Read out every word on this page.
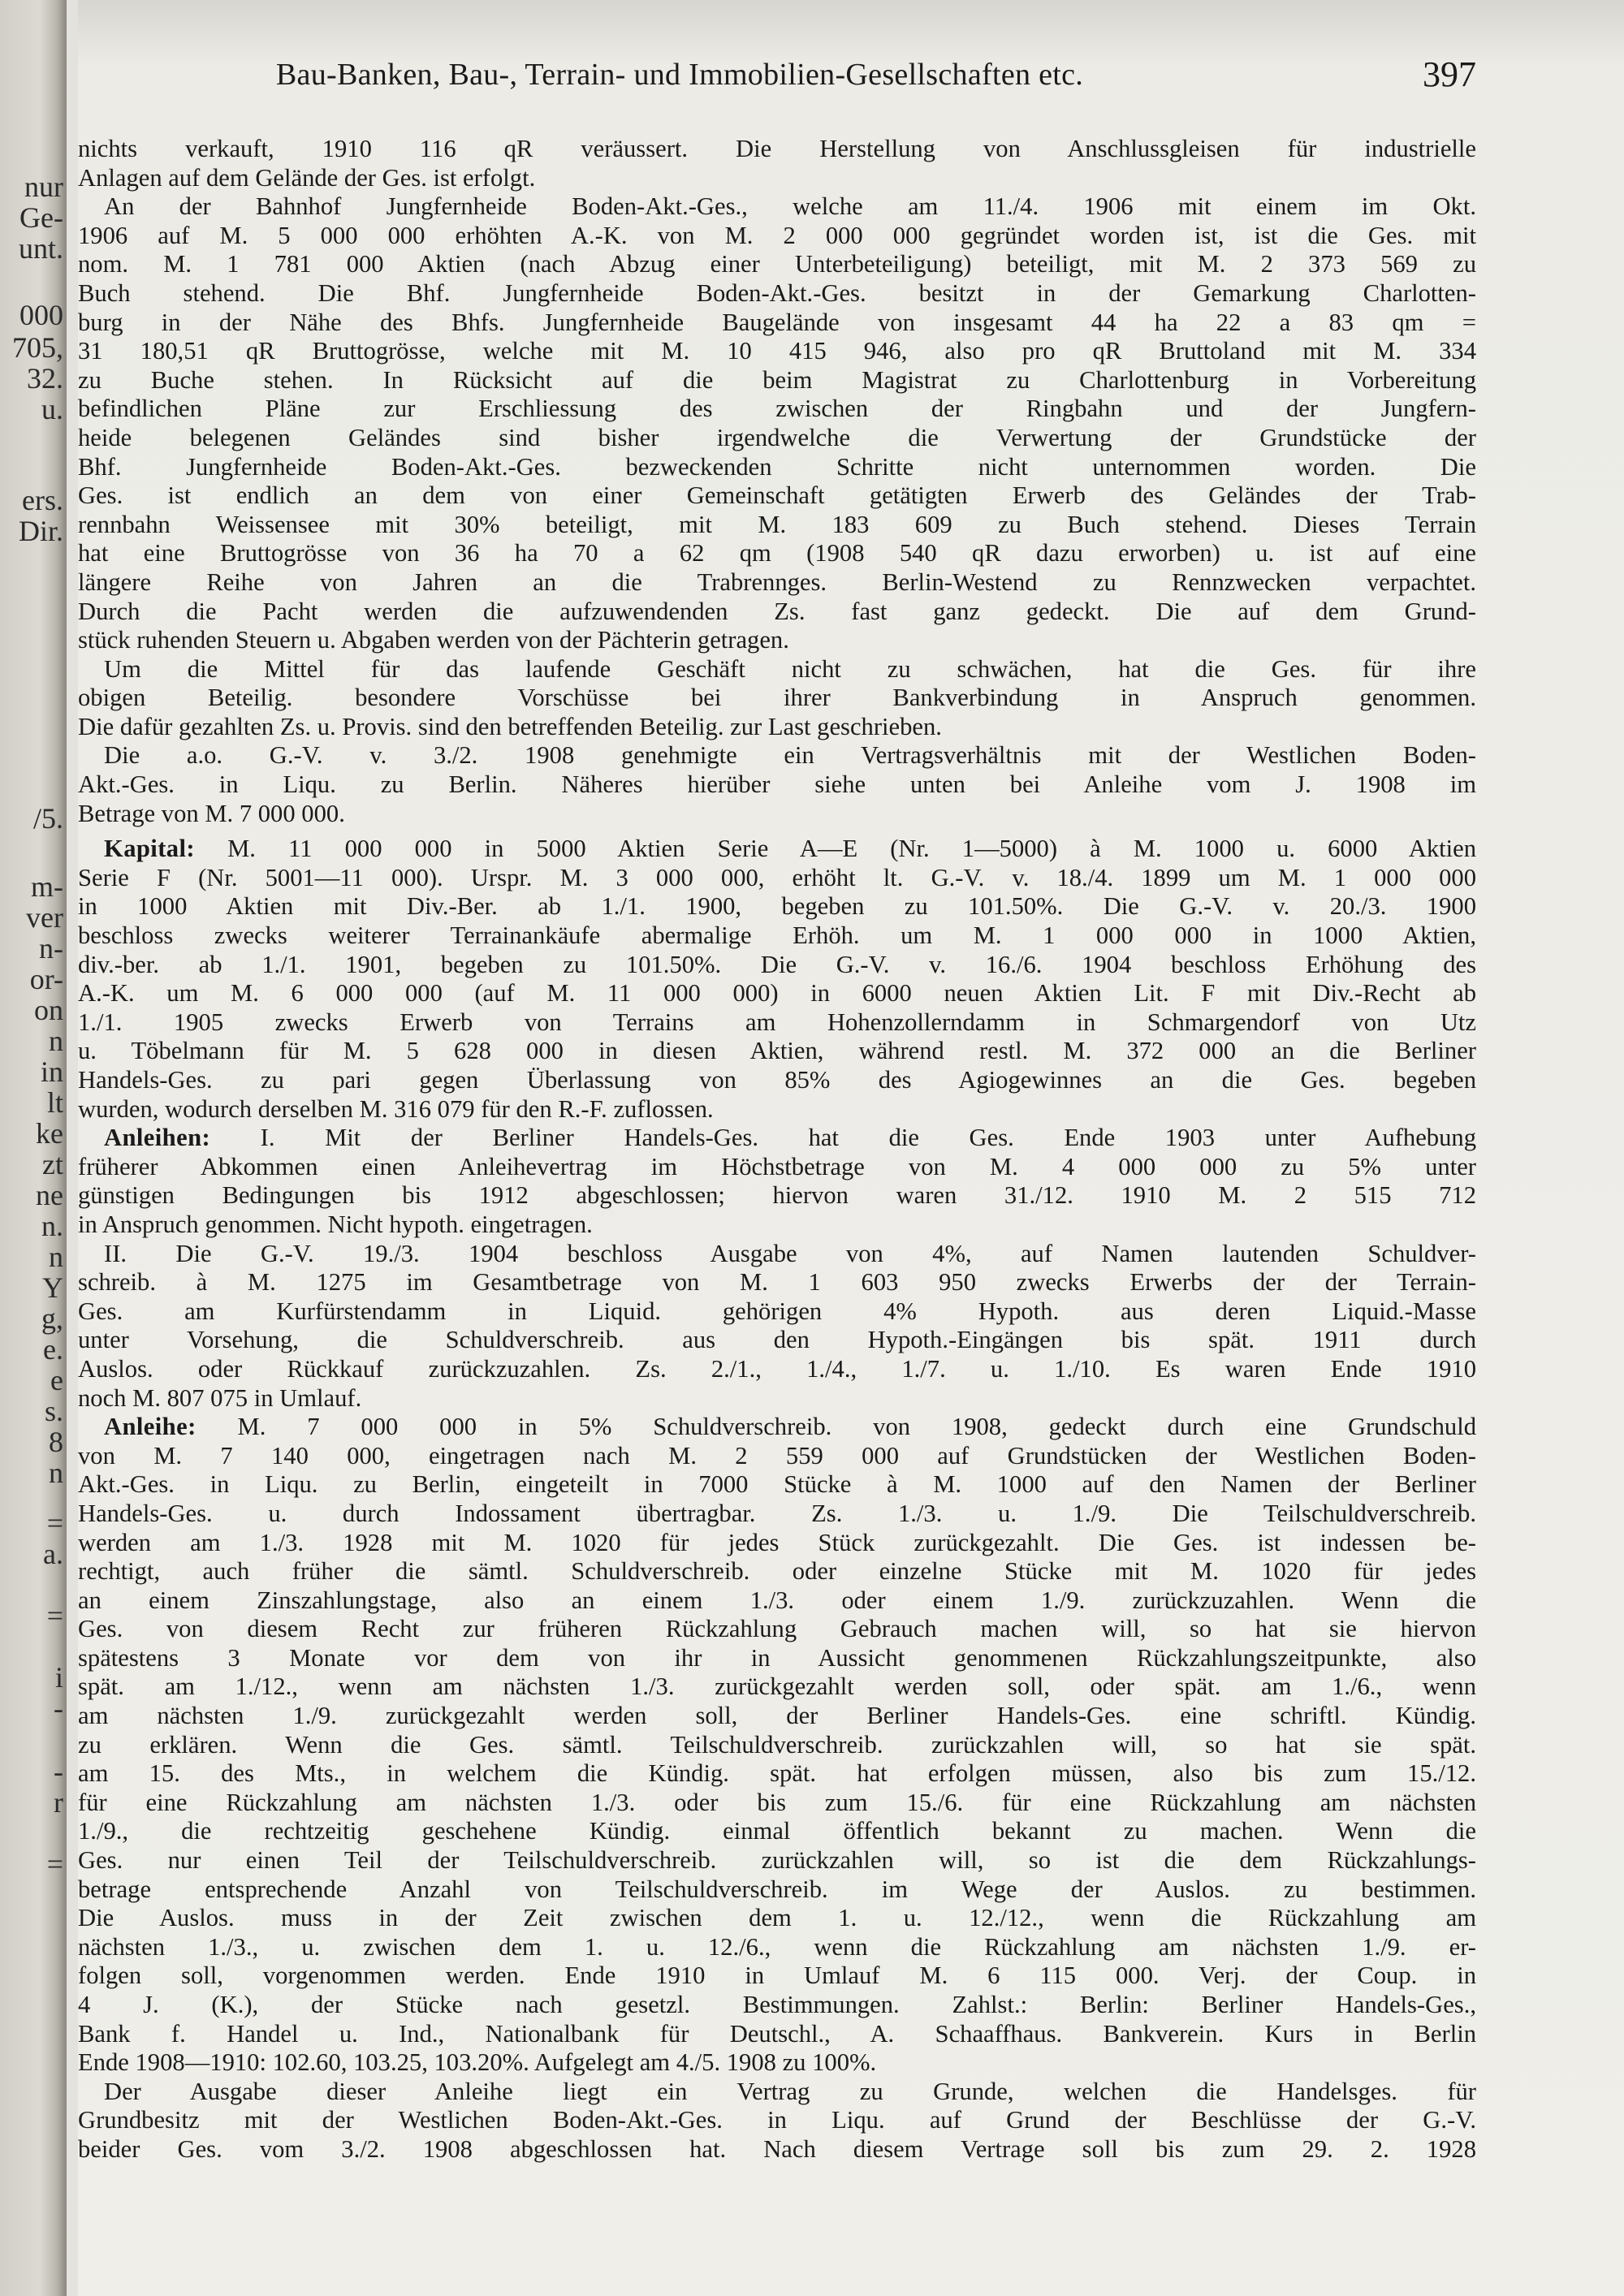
nur
Ge-
unt.
000
705,
32.
u.
ers.
Dir.
/5.
m-
ver
n-
or-
on
n
in
lt
ke
zt
ne
n.
n
Y
g,
e.
e
s.
8
n
=
a.
=
i
-
-
r
=
Bau-Banken, Bau-, Terrain- und Immobilien-Gesellschaften etc.	397
nichts verkauft, 1910 116 qR veräussert. Die Herstellung von Anschlussgleisen für industrielle
Anlagen auf dem Gelände der Ges. ist erfolgt.
An der Bahnhof Jungfernheide Boden-Akt.-Ges., welche am 11./4. 1906 mit einem im Okt.
1906 auf M. 5 000 000 erhöhten A.-K. von M. 2 000 000 gegründet worden ist, ist die Ges. mit
nom. M. 1 781 000 Aktien (nach Abzug einer Unterbeteiligung) beteiligt, mit M. 2 373 569 zu
Buch stehend. Die Bhf. Jungfernheide Boden-Akt.-Ges. besitzt in der Gemarkung Charlotten-
burg in der Nähe des Bhfs. Jungfernheide Baugelände von insgesamt 44 ha 22 a 83 qm =
31 180,51 qR Bruttogrösse, welche mit M. 10 415 946, also pro qR Bruttoland mit M. 334
zu Buche stehen. In Rücksicht auf die beim Magistrat zu Charlottenburg in Vorbereitung
befindlichen Pläne zur Erschliessung des zwischen der Ringbahn und der Jungfern-
heide belegenen Geländes sind bisher irgendwelche die Verwertung der Grundstücke der
Bhf. Jungfernheide Boden-Akt.-Ges. bezweckenden Schritte nicht unternommen worden. Die
Ges. ist endlich an dem von einer Gemeinschaft getätigten Erwerb des Geländes der Trab-
rennbahn Weissensee mit 30% beteiligt, mit M. 183 609 zu Buch stehend. Dieses Terrain
hat eine Bruttogrösse von 36 ha 70 a 62 qm (1908 540 qR dazu erworben) u. ist auf eine
längere Reihe von Jahren an die Trabrennges. Berlin-Westend zu Rennzwecken verpachtet.
Durch die Pacht werden die aufzuwendenden Zs. fast ganz gedeckt. Die auf dem Grund-
stück ruhenden Steuern u. Abgaben werden von der Pächterin getragen.
Um die Mittel für das laufende Geschäft nicht zu schwächen, hat die Ges. für ihre
obigen Beteilig. besondere Vorschüsse bei ihrer Bankverbindung in Anspruch genommen.
Die dafür gezahlten Zs. u. Provis. sind den betreffenden Beteilig. zur Last geschrieben.
Die a.o. G.-V. v. 3./2. 1908 genehmigte ein Vertragsverhältnis mit der Westlichen Boden-
Akt.-Ges. in Liqu. zu Berlin. Näheres hierüber siehe unten bei Anleihe vom J. 1908 im
Betrage von M. 7 000 000.
Kapital: M. 11 000 000 in 5000 Aktien Serie A—E (Nr. 1—5000) à M. 1000 u. 6000 Aktien
Serie F (Nr. 5001—11 000). Urspr. M. 3 000 000, erhöht lt. G.-V. v. 18./4. 1899 um M. 1 000 000
in 1000 Aktien mit Div.-Ber. ab 1./1. 1900, begeben zu 101.50%. Die G.-V. v. 20./3. 1900
beschloss zwecks weiterer Terrainankäufe abermalige Erhöh. um M. 1 000 000 in 1000 Aktien,
div.-ber. ab 1./1. 1901, begeben zu 101.50%. Die G.-V. v. 16./6. 1904 beschloss Erhöhung des
A.-K. um M. 6 000 000 (auf M. 11 000 000) in 6000 neuen Aktien Lit. F mit Div.-Recht ab
1./1. 1905 zwecks Erwerb von Terrains am Hohenzollerndamm in Schmargendorf von Utz
u. Töbelmann für M. 5 628 000 in diesen Aktien, während restl. M. 372 000 an die Berliner
Handels-Ges. zu pari gegen Überlassung von 85% des Agiogewinnes an die Ges. begeben
wurden, wodurch derselben M. 316 079 für den R.-F. zuflossen.
Anleihen: I. Mit der Berliner Handels-Ges. hat die Ges. Ende 1903 unter Aufhebung
früherer Abkommen einen Anleihevertrag im Höchstbetrage von M. 4 000 000 zu 5% unter
günstigen Bedingungen bis 1912 abgeschlossen; hiervon waren 31./12. 1910 M. 2 515 712
in Anspruch genommen. Nicht hypoth. eingetragen.
II. Die G.-V. 19./3. 1904 beschloss Ausgabe von 4%, auf Namen lautenden Schuldver-
schreib. à M. 1275 im Gesamtbetrage von M. 1 603 950 zwecks Erwerbs der der Terrain-
Ges. am Kurfürstendamm in Liquid. gehörigen 4% Hypoth. aus deren Liquid.-Masse
unter Vorsehung, die Schuldverschreib. aus den Hypoth.-Eingängen bis spät. 1911 durch
Auslos. oder Rückkauf zurückzuzahlen. Zs. 2./1., 1./4., 1./7. u. 1./10. Es waren Ende 1910
noch M. 807 075 in Umlauf.
Anleihe: M. 7 000 000 in 5% Schuldverschreib. von 1908, gedeckt durch eine Grundschuld
von M. 7 140 000, eingetragen nach M. 2 559 000 auf Grundstücken der Westlichen Boden-
Akt.-Ges. in Liqu. zu Berlin, eingeteilt in 7000 Stücke à M. 1000 auf den Namen der Berliner
Handels-Ges. u. durch Indossament übertragbar. Zs. 1./3. u. 1./9. Die Teilschuldverschreib.
werden am 1./3. 1928 mit M. 1020 für jedes Stück zurückgezahlt. Die Ges. ist indessen be-
rechtigt, auch früher die sämtl. Schuldverschreib. oder einzelne Stücke mit M. 1020 für jedes
an einem Zinszahlungstage, also an einem 1./3. oder einem 1./9. zurückzuzahlen. Wenn die
Ges. von diesem Recht zur früheren Rückzahlung Gebrauch machen will, so hat sie hiervon
spätestens 3 Monate vor dem von ihr in Aussicht genommenen Rückzahlungszeitpunkte, also
spät. am 1./12., wenn am nächsten 1./3. zurückgezahlt werden soll, oder spät. am 1./6., wenn
am nächsten 1./9. zurückgezahlt werden soll, der Berliner Handels-Ges. eine schriftl. Kündig.
zu erklären. Wenn die Ges. sämtl. Teilschuldverschreib. zurückzahlen will, so hat sie spät.
am 15. des Mts., in welchem die Kündig. spät. hat erfolgen müssen, also bis zum 15./12.
für eine Rückzahlung am nächsten 1./3. oder bis zum 15./6. für eine Rückzahlung am nächsten
1./9., die rechtzeitig geschehene Kündig. einmal öffentlich bekannt zu machen. Wenn die
Ges. nur einen Teil der Teilschuldverschreib. zurückzahlen will, so ist die dem Rückzahlungs-
betrage entsprechende Anzahl von Teilschuldverschreib. im Wege der Auslos. zu bestimmen.
Die Auslos. muss in der Zeit zwischen dem 1. u. 12./12., wenn die Rückzahlung am
nächsten 1./3., u. zwischen dem 1. u. 12./6., wenn die Rückzahlung am nächsten 1./9. er-
folgen soll, vorgenommen werden. Ende 1910 in Umlauf M. 6 115 000. Verj. der Coup. in
4 J. (K.), der Stücke nach gesetzl. Bestimmungen. Zahlst.: Berlin: Berliner Handels-Ges.,
Bank f. Handel u. Ind., Nationalbank für Deutschl., A. Schaaffhaus. Bankverein. Kurs in Berlin
Ende 1908—1910: 102.60, 103.25, 103.20%. Aufgelegt am 4./5. 1908 zu 100%.
Der Ausgabe dieser Anleihe liegt ein Vertrag zu Grunde, welchen die Handelsges. für
Grundbesitz mit der Westlichen Boden-Akt.-Ges. in Liqu. auf Grund der Beschlüsse der G.-V.
beider Ges. vom 3./2. 1908 abgeschlossen hat. Nach diesem Vertrage soll bis zum 29. 2. 1928
